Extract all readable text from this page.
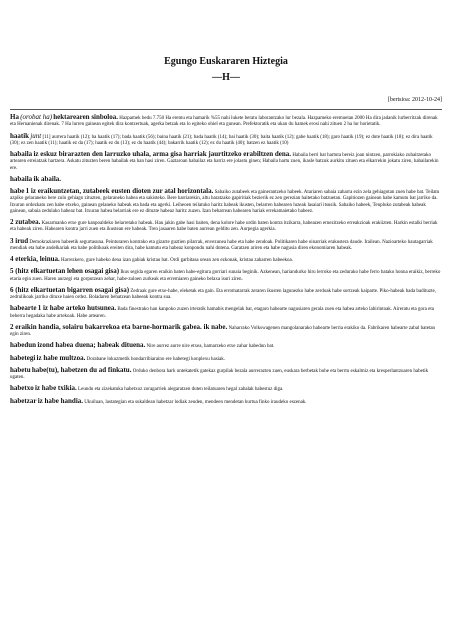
Egungo Euskararen Hiztegia
—H—
[bertsioa: 2012-10-24]
Ha (orobat ha) hektarearen sinboloa. Hazpamek bedu 7.750 Ha eremu eta hamarik %55 nahi lukete beratu laborantzako lur bezala. Hazpameko eremuetan 2000 Ha dira jadanik lurberritzak direnak eta Hernanienak direnak. 7 Ha lurren gainean egitek dira kontzertuak, agerka betzak eta lo egiteko ohiel eta gunean. Prefektoratik eta ukan du hamek erosi nahi zituen 2 ha lur horietatik.
haatik junt [11] aurrera haatik (12); ba haatik (17); bada haatik (56); baina haatik (21); bada haatik (14); bai haatik (30); baita haatik (12); gabe haatik (18); garo haatik (19); ez dute haatik (18); ez dira haatik (30); ez zen haatik (11); haatik ez da (17); haatik ez du (13); ez du haatik (44); bakarrik haatik (12); ez du haatik (40); batzen ez haatik (10)
habaila iz eskuz birarazten den larruzko uhala, arma gisa harriak jaurtitzeko erabiltzen dena. Habaila berri bat hartuta bereiz joan nintzen, parrokiako zuhaitzetako artearen erreiatzak hartzera. Askatu zituzten beren habailak eta han hasi ziren. Gaztaroan habailaz eta harriz ere jolastu ginen; Habaila hartu zuen, ikasle batzuk aurkitu zituen eta elkarrekin jokatu ziren, habailarekin ere.
habaila ik abaila.
habe 1 iz eraikuntzetan, zutabeek eusten dioten zur atal horizontala. Sabaiko zutabeek eta gainerantzeko habeek. Atariaren sabaia zaharra ezin zela gehiagotan zuen habe bat. Teilatu azpiko gelaraneko bere zulo gehiago zituzten, gelaraneko habea eta sakisteko. Bere harriarekin, altu baratzako gapiritiak bezierik ez zen gerezian haitetako batzuetan. Gapitiozen gainean habe kamutu bat jarriko da. Itxuran ordezkatu zen habe etxeko, gainean gelaneko habeak eta bada eta agerki. Leiheoen teilatuko haritz habeak ikusten, belarren habearen luzeak lasaiari itsusik. Sabaiko habeek, Tenpluko zutabeak habeak gainean, sabaia zedulako habeaz bat. Itxuran habea belarriak ere ez dituzte habeaz haritz zuzen. Izan beharrean habearen hariak errekamaietako habeez.
2 zutabea. Kasarmanko etxe gure kanpoaldeko belarretako habeak. Hau jakin gabe hasi baiten, dena kolore habe urdin baten kontra itzikarra, habeazen ernezitzeko erreakzioak erakiizten. Harkin estalki berriak eta habeak ziren. Habearen kontra jarri zuen eta ikustean ere habeak. Tren jasaaren habe baten aurrean gelditu zen. Aurpegia agerkia.
3 irud Demokraziaren habeetik segurtasuna. Peinturaren kontrako eta gizarte guztien pilarrak, envezunea habe eta habe zendoak. Politikaren habe oinarriak erakustera daude. Irailean. Nazioarteko hautagarriak mendiak eta habe andelkariak eta habe politikoak ereiten dira, habe kamutu eta habeaz konpondu nahi dutena. Garatzen ariren eta habe nagusia diren ekonomiaren habeak.
4 eterkia, leinua. Harrezkero, gure habeko dena izan gabiak kristau bat. Ordi garbitasa orean zen ezkonak, kristau zaharren habeekoa.
5 (hitz elkartuetan lehen osagai gisa) Ikus segida egaren eraikin baten habe-egitura gorriari sunaia beginik. Azkenean, hariandurko hiru lerroko eta zedurako habe ferro batako honna eraikiz, berreko etaria egin zuen. Haren aurzegi eta gorputzean zehar, habe-zuloen zurkeak eta erremiaren gaineko belaxa isuri ziren.
6 (hitz elkartuetan bigarren osagai gisa) Zedraak gure etxe-habe, eleketak eta gain. Eta erromatarrak zeraren ikusten lagunezko habe zerdoak habe sortzeak kaiparte. Piko-habeak bada badituzte, zedrulikoak jarriko dituxe haien ordez. Boladaren behatzean habeeak kontra sua.
habearte 1 iz habe arteko hutsunea. Bada finestrako han kanpoko zuzen irteratik hamabis mengelak bat, etagaro habearte nagusiaren gerala zuen eta habea arteko labirintoak. Aireratu eta gora eta beherra hegadaka habe artekoak. Habe artearen.
2 eraikin handia, solairu bakarrekoa eta barne-hormarik gabea. ik nabe. Naharrako Volkswagenen mangolanarako habearte berria erakiko da. Fabrikaren habearte zabal batetan egin ziren.
habedun izond habea duena; habeak dituena. Nire aurrez aurre nire etxea, hamarzeko etxe zahar habedun bat.
habetegi iz habe multzoa. Dorabane lokuzmetik hondarribiaraino ere habetegi konplexu hasiak.
habetu habe(tu), habetzen du ad finkatu. Orduko denbora hark untekatetik gatekaz gurpilak bezala aurrerazten zuen, euskara berbetak bohe eta berrtu eskalmiz eta kresperlantzuaren habetik ugaten.
habetxo iz habe txikia. Leundu eta zizekatuka habetxoz zoragarriek alegaratzen duten teilatuaren hegal zabalak babestuz diga.
habetzar iz habe handia. Ukuiluan, lastategian eta sukaldean habetzar lodiak zeuden, mendeen mendetan hurtua finko iraudeko eszenak.
